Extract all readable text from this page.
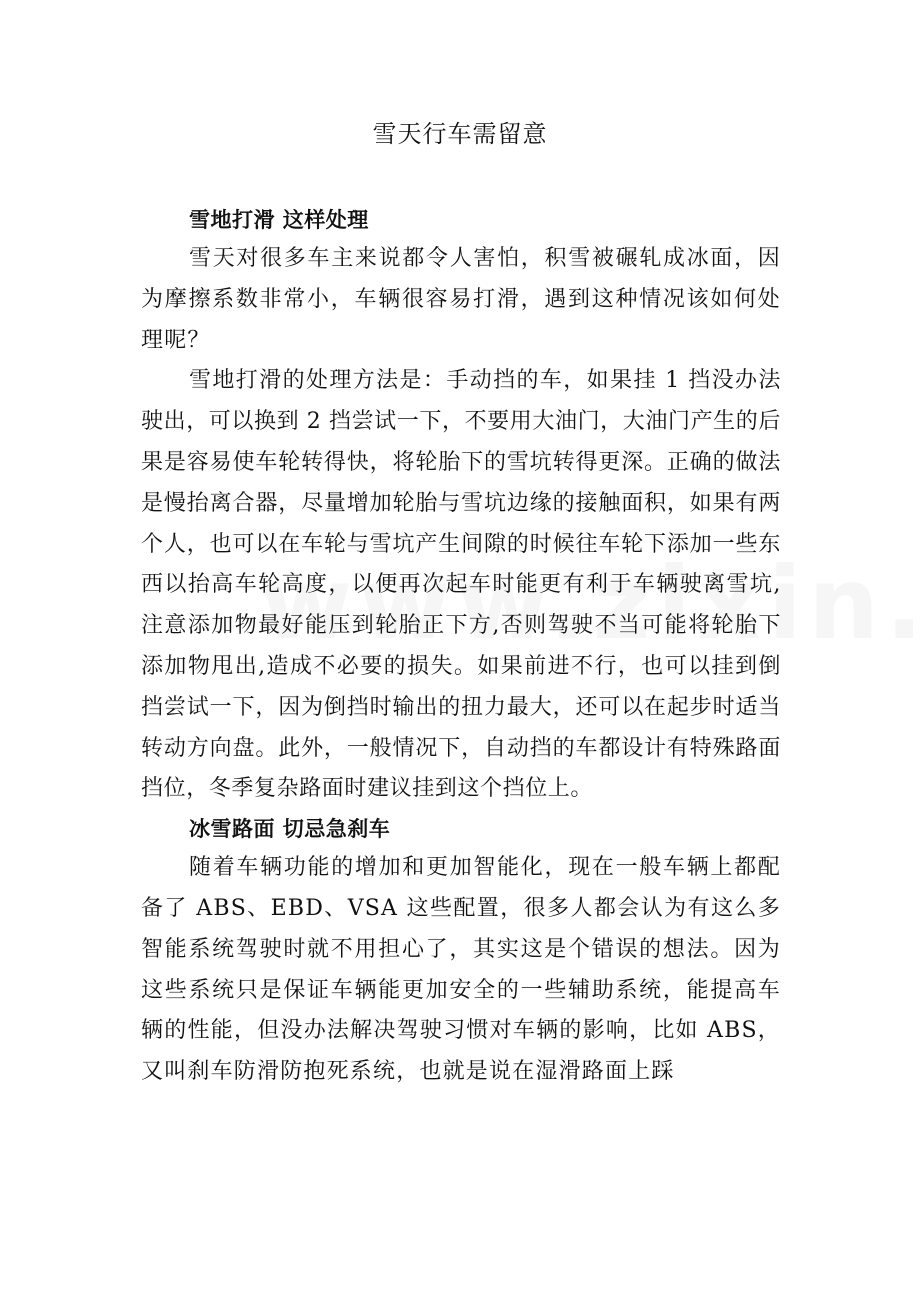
雪天行车需留意
雪地打滑 这样处理

雪天对很多车主来说都令人害怕，积雪被碾轧成冰面，因为摩擦系数非常小，车辆很容易打滑，遇到这种情况该如何处理呢？

雪地打滑的处理方法是：手动挡的车，如果挂 1 挡没办法驶出，可以换到 2 挡尝试一下，不要用大油门，大油门产生的后果是容易使车轮转得快，将轮胎下的雪坑转得更深。正确的做法是慢抬离合器，尽量增加轮胎与雪坑边缘的接触面积，如果有两个人，也可以在车轮与雪坑产生间隙的时候往车轮下添加一些东西以抬高车轮高度，以便再次起车时能更有利于车辆驶离雪坑,注意添加物最好能压到轮胎正下方,否则驾驶不当可能将轮胎下添加物甩出,造成不必要的损失。如果前进不行，也可以挂到倒挡尝试一下，因为倒挡时输出的扭力最大，还可以在起步时适当转动方向盘。此外，一般情况下，自动挡的车都设计有特殊路面挡位，冬季复杂路面时建议挂到这个挡位上。

冰雪路面 切忌急刹车

随着车辆功能的增加和更加智能化，现在一般车辆上都配备了 ABS、EBD、VSA 这些配置，很多人都会认为有这么多智能系统驾驶时就不用担心了，其实这是个错误的想法。因为这些系统只是保证车辆能更加安全的一些辅助系统，能提高车辆的性能，但没办法解决驾驶习惯对车辆的影响，比如 ABS，又叫刹车防滑防抱死系统，也就是说在湿滑路面上踩
